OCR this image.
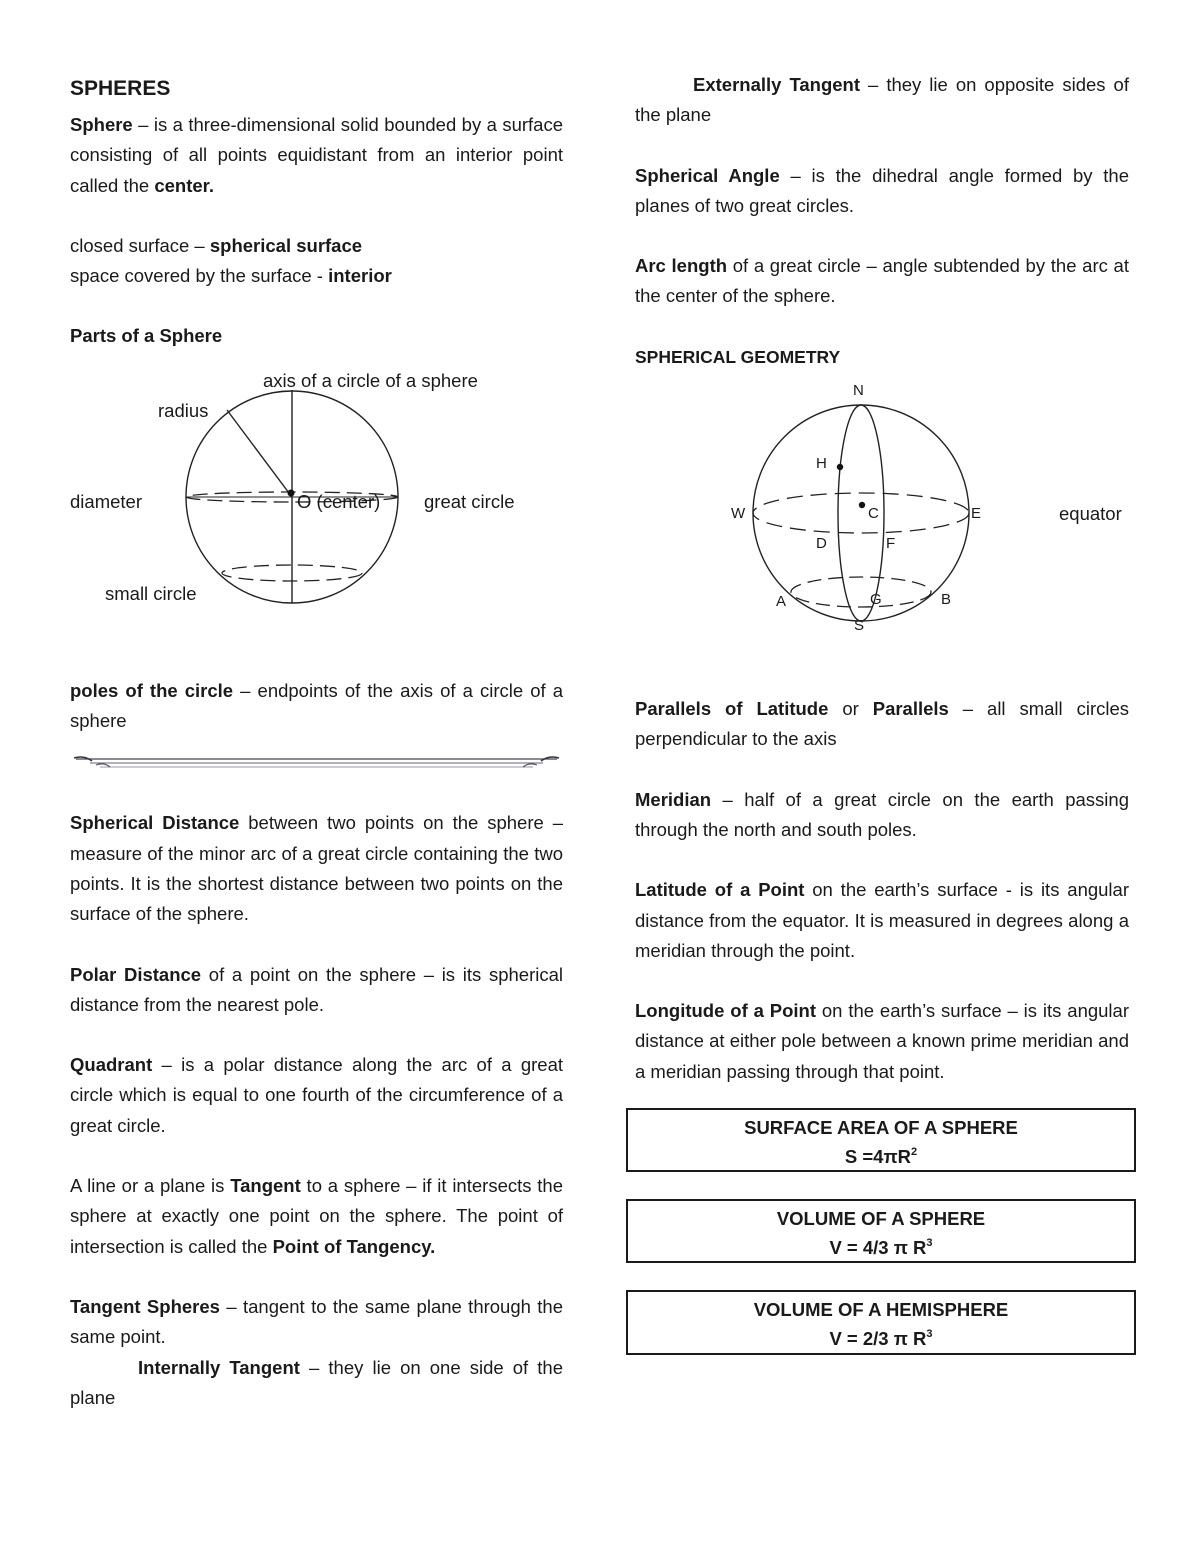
SPHERES

Sphere – is a three-dimensional solid bounded by a surface consisting of all points equidistant from an interior point called the center.

closed surface – spherical surface

space covered by the surface - interior

Parts of a Sphere

axis of a circle of a sphere
radius
diameter	O (center) great circle
small circle

poles of the circle – endpoints of the axis of a circle of a sphere

Spherical Distance between two points on the sphere – measure of the minor arc of a great circle containing the two points. It is the shortest distance between two points on the surface of the sphere.

Polar Distance of a point on the sphere – is its spherical distance from the nearest pole.

Quadrant – is a polar distance along the arc of a great circle which is equal to one fourth of the circumference of a great circle.

A line or a plane is Tangent to a sphere – if it intersects the sphere at exactly one point on the sphere. The point of intersection is called the Point of Tangency.

Tangent Spheres – tangent to the same plane through the same point.

Internally Tangent – they lie on one side of the plane

Externally Tangent – they lie on opposite sides of the plane

Spherical Angle – is the dihedral angle formed by the planes of two great circles.

Arc length of a great circle – angle subtended by the arc at the center of the sphere.

SPHERICAL GEOMETRY

N
H
W	C	E	equator
D	F
A	G	B
S

Parallels of Latitude or Parallels – all small circles perpendicular to the axis

Meridian – half of a great circle on the earth passing through the north and south poles.

Latitude of a Point on the earth’s surface - is its angular distance from the equator. It is measured in degrees along a meridian through the point.

Longitude of a Point on the earth’s surface – is its angular distance at either pole between a known prime meridian and a meridian passing through that point.

SURFACE AREA OF A SPHERE
$S =4\pi R^2$
VOLUME OF A SPHERE
V = 4/3 π $R^3$
VOLUME OF A HEMISPHERE
V = 2/3 π $R^3$
